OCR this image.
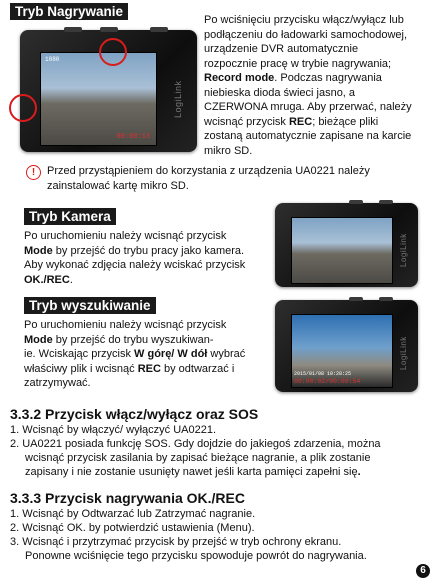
Tryb Nagrywanie
1080
00:00:13
LogiLink
Po wciśnięciu przycisku włącz/wyłącz lub
podłączeniu do ładowarki samochodowej,
urządzenie DVR automatycznie
rozpocznie pracę w trybie nagrywania;
Record mode. Podczas nagrywania
niebieska dioda świeci jasno, a
CZERWONA mruga. Aby przerwać, należy
wcisnąć przycisk REC; bieżące pliki
zostaną automatycznie zapisane na karcie
mikro SD.
!	Przed przystąpieniem do korzystania z urządzenia UA0221 należy
zainstalować kartę mikro SD.
Tryb Kamera
Po uruchomieniu należy wcisnąć przycisk
Mode by przejść do trybu pracy jako kamera.
Aby wykonać zdjęcia należy wciskać przycisk
OK./REC.
LogiLink
Tryb wyszukiwanie
Po uruchomieniu należy wcisnąć przycisk
Mode by przejść do trybu wyszukiwan-
ie. Wciskając przycisk W górę/ W dół wybrać
właściwy plik i wcisnąć REC by odtwarzać i
zatrzymywać.
2015/01/08 10:28:25
00:00:02/00:00:54
LogiLink
3.3.2 Przycisk włącz/wyłącz oraz SOS
1. Wcisnąć by włączyć/ wyłączyć UA0221.
2. UA0221 posiada funkcję SOS. Gdy dojdzie do jakiegoś zdarzenia, można
wcisnąć przycisk zasilania by zapisać bieżące nagranie, a plik zostanie
zapisany i nie zostanie usunięty nawet jeśli karta pamięci zapełni się.
3.3.3 Przycisk nagrywania OK./REC
1. Wcisnąć by Odtwarzać lub Zatrzymać nagranie.
2. Wcisnąć OK. by potwierdzić ustawienia (Menu).
3. Wcisnąć i przytrzymać przycisk by przejść w tryb ochrony ekranu.
Ponowne wciśnięcie tego przycisku spowoduje powrót do nagrywania.
6
